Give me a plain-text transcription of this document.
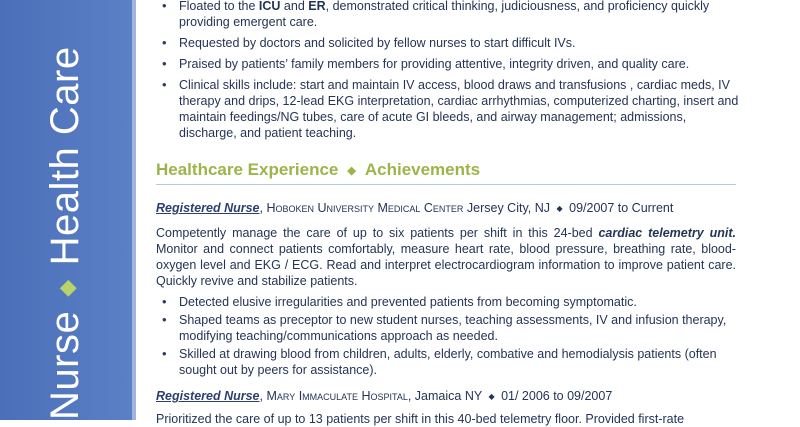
Nurse◆Health Care
• Floated to the ICU and ER, demonstrated critical thinking, judiciousness, and proficiency quickly providing emergent care.
• Requested by doctors and solicited by fellow nurses to start difficult IVs.
• Praised by patients’ family members for providing attentive, integrity driven, and quality care.
• Clinical skills include: start and maintain IV access, blood draws and transfusions , cardiac meds, IV therapy and drips, 12-lead EKG interpretation, cardiac arrhythmias, computerized charting, insert and maintain feedings/NG tubes, care of acute GI bleeds, and airway management; admissions, discharge, and patient teaching.
Healthcare Experience ◆ Achievements
Registered Nurse, Hoboken University Medical Center Jersey City, NJ ◆ 09/2007 to Current
Competently manage the care of up to six patients per shift in this 24-bed cardiac telemetry unit. Monitor and connect patients comfortably, measure heart rate, blood pressure, breathing rate, blood-oxygen level and EKG / ECG. Read and interpret electrocardiogram information to improve patient care. Quickly revive and stabilize patients.
• Detected elusive irregularities and prevented patients from becoming symptomatic.
• Shaped teams as preceptor to new student nurses, teaching assessments, IV and infusion therapy, modifying teaching/communications approach as needed.
• Skilled at drawing blood from children, adults, elderly, combative and hemodialysis patients (often sought out by peers for assistance).
Registered Nurse, Mary Immaculate Hospital, Jamaica NY ◆ 01/ 2006 to 09/2007
Prioritized the care of up to 13 patients per shift in this 40-bed telemetry floor. Provided first-rate
